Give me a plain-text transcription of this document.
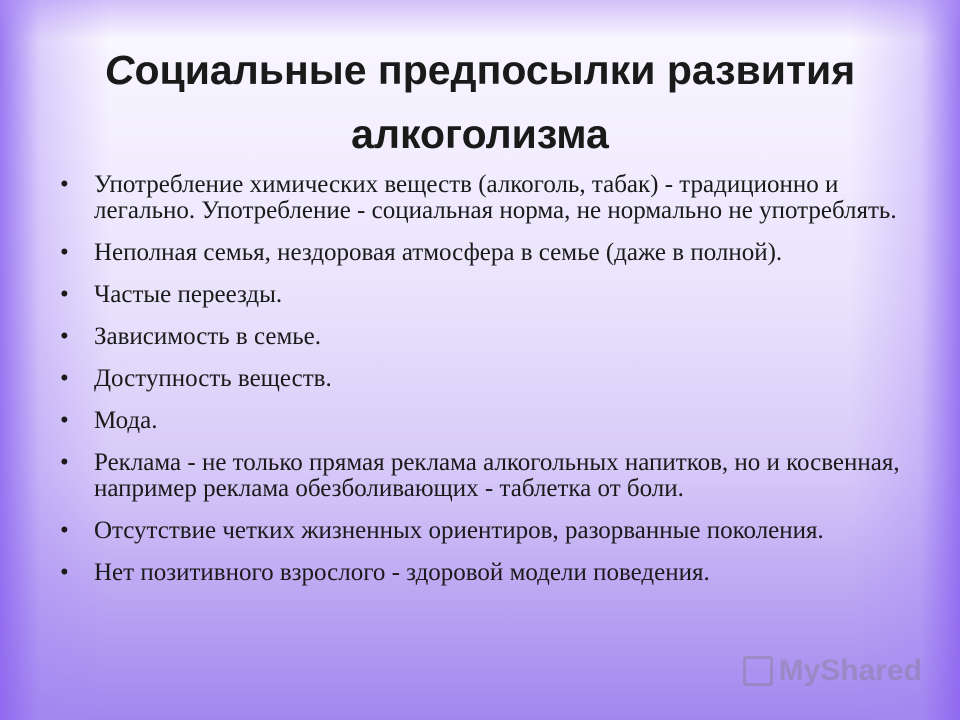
Социальные предпосылки развития алкоголизма
• Употребление химических веществ (алкоголь, табак) - традиционно и легально. Употребление - социальная норма, не нормально не употреблять.
• Неполная семья, нездоровая атмосфера в семье (даже в полной).
• Частые переезды.
• Зависимость в семье.
• Доступность веществ.
• Мода.
• Реклама - не только прямая реклама алкогольных напитков, но и косвенная, например реклама обезболивающих - таблетка от боли.
• Отсутствие четких жизненных ориентиров, разорванные поколения.
• Нет позитивного взрослого - здоровой модели поведения.
MyShared
